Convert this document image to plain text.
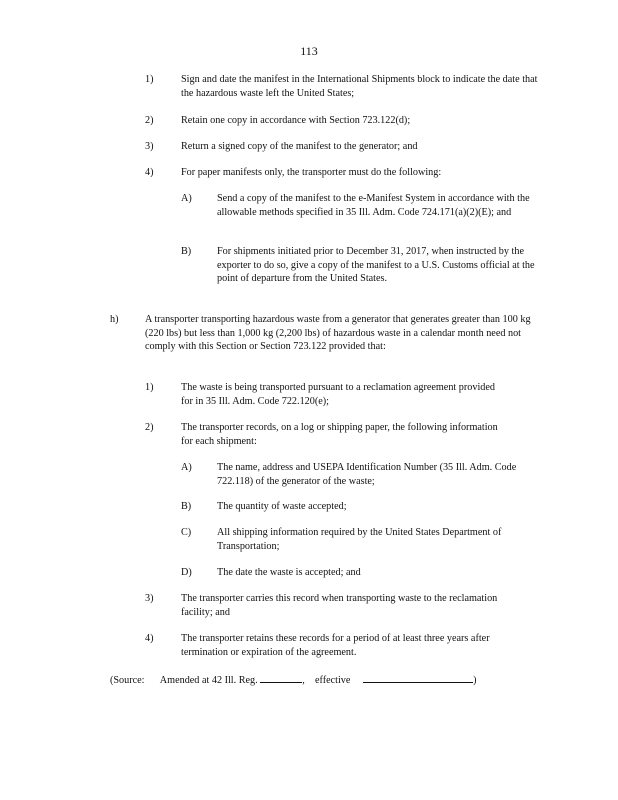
113
1)	Sign and date the manifest in the International Shipments block to indicate the date that the hazardous waste left the United States;
2)	Retain one copy in accordance with Section 723.122(d);
3)	Return a signed copy of the manifest to the generator; and
4)	For paper manifests only, the transporter must do the following:
A) Send a copy of the manifest to the e-Manifest System in accordance with the allowable methods specified in 35 Ill. Adm. Code 724.171(a)(2)(E); and
B)	For shipments initiated prior to December 31, 2017, when instructed by the exporter to do so, give a copy of the manifest to a U.S. Customs official at the point of departure from the United States.
h)	A transporter transporting hazardous waste from a generator that generates greater than 100 kg (220 lbs) but less than 1,000 kg (2,200 lbs) of hazardous waste in a calendar month need not comply with this Section or Section 723.122 provided that:
1)	The waste is being transported pursuant to a reclamation agreement provided for in 35 Ill. Adm. Code 722.120(e);
2)	The transporter records, on a log or shipping paper, the following information for each shipment:
A) The name, address and USEPA Identification Number (35 Ill. Adm. Code 722.118) of the generator of the waste;
B)	The quantity of waste accepted;
C)	All shipping information required by the United States Department of Transportation;
D) The date the waste is accepted; and
3)	The transporter carries this record when transporting waste to the reclamation facility; and
4)	The transporter retains these records for a period of at least three years after termination or expiration of the agreement.
(Source: Amended at 42 Ill. Reg.	, effective	)
